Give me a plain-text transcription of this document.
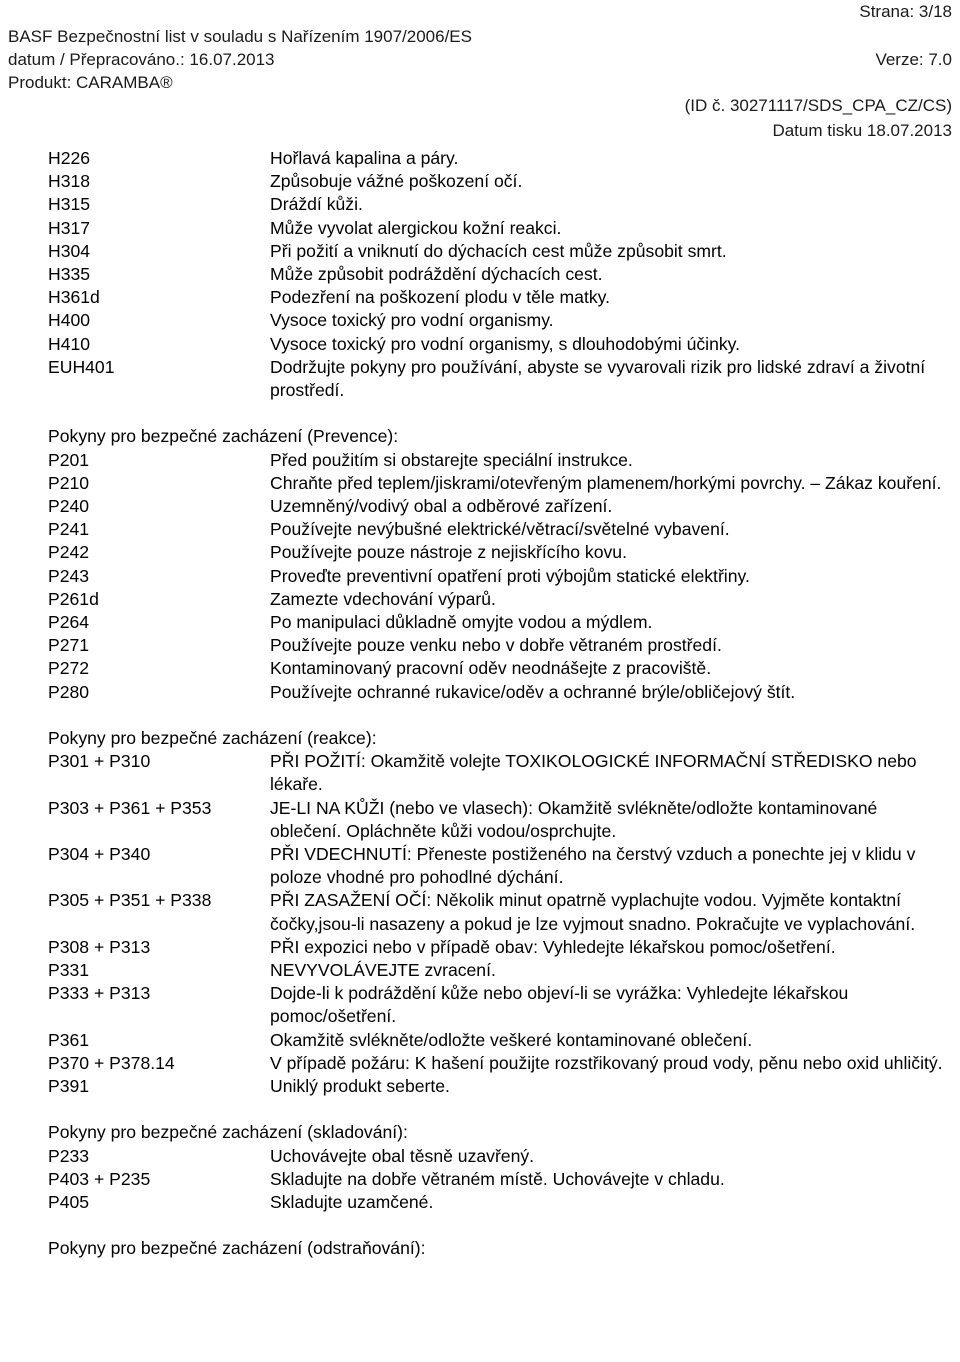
Strana: 3/18
BASF Bezpečnostní list v souladu s Nařízením 1907/2006/ES
datum / Přepracováno.: 16.07.2013	Verze: 7.0
Produkt: CARAMBA®
(ID č. 30271117/SDS_CPA_CZ/CS)
Datum tisku 18.07.2013
H226	Hořlavá kapalina a páry.
H318	Způsobuje vážné poškození očí.
H315	Dráždí kůži.
H317	Může vyvolat alergickou kožní reakci.
H304	Při požití a vniknutí do dýchacích cest může způsobit smrt.
H335	Může způsobit podráždění dýchacích cest.
H361d	Podezření na poškození plodu v těle matky.
H400	Vysoce toxický pro vodní organismy.
H410	Vysoce toxický pro vodní organismy, s dlouhodobými účinky.
EUH401	Dodržujte pokyny pro používání, abyste se vyvarovali rizik pro lidské zdraví a životní prostředí.
Pokyny pro bezpečné zacházení (Prevence):
P201	Před použitím si obstarejte speciální instrukce.
P210	Chraňte před teplem/jiskrami/otevřeným plamenem/horkými povrchy. – Zákaz kouření.
P240	Uzemněný/vodivý obal a odběrové zařízení.
P241	Používejte nevýbušné elektrické/větrací/světelné vybavení.
P242	Používejte pouze nástroje z nejiskřícího kovu.
P243	Proveďte preventivní opatření proti výbojům statické elektřiny.
P261d	Zamezte vdechování výparů.
P264	Po manipulaci důkladně omyjte vodou a mýdlem.
P271	Používejte pouze venku nebo v dobře větraném prostředí.
P272	Kontaminovaný pracovní oděv neodnášejte z pracoviště.
P280	Používejte ochranné rukavice/oděv a ochranné brýle/obličejový štít.
Pokyny pro bezpečné zacházení (reakce):
P301 + P310	PŘI POŽITÍ: Okamžitě volejte TOXIKOLOGICKÉ INFORMAČNÍ STŘEDISKO nebo lékaře.
P303 + P361 + P353	JE-LI NA KŮŽI (nebo ve vlasech): Okamžitě svlékněte/odložte kontaminované oblečení. Opláchněte kůži vodou/osprchujte.
P304 + P340	PŘI VDECHNUTÍ: Přeneste postiženého na čerstvý vzduch a ponechte jej v klidu v poloze vhodné pro pohodlné dýchání.
P305 + P351 + P338	PŘI ZASAŽENÍ OČÍ: Několik minut opatrně vyplachujte vodou. Vyjměte kontaktní čočky,jsou-li nasazeny a pokud je lze vyjmout snadno. Pokračujte ve vyplachování.
P308 + P313	PŘI expozici nebo v případě obav: Vyhledejte lékařskou pomoc/ošetření.
P331	NEVYVOLÁVEJTE zvracení.
P333 + P313	Dojde-li k podráždění kůže nebo objeví-li se vyrážka: Vyhledejte lékařskou pomoc/ošetření.
P361	Okamžitě svlékněte/odložte veškeré kontaminované oblečení.
P370 + P378.14	V případě požáru: K hašení použijte rozstřikovaný proud vody, pěnu nebo oxid uhličitý.
P391	Uniklý produkt seberte.
Pokyny pro bezpečné zacházení (skladování):
P233	Uchovávejte obal těsně uzavřený.
P403 + P235	Skladujte na dobře větraném místě. Uchovávejte v chladu.
P405	Skladujte uzamčené.
Pokyny pro bezpečné zacházení (odstraňování):
